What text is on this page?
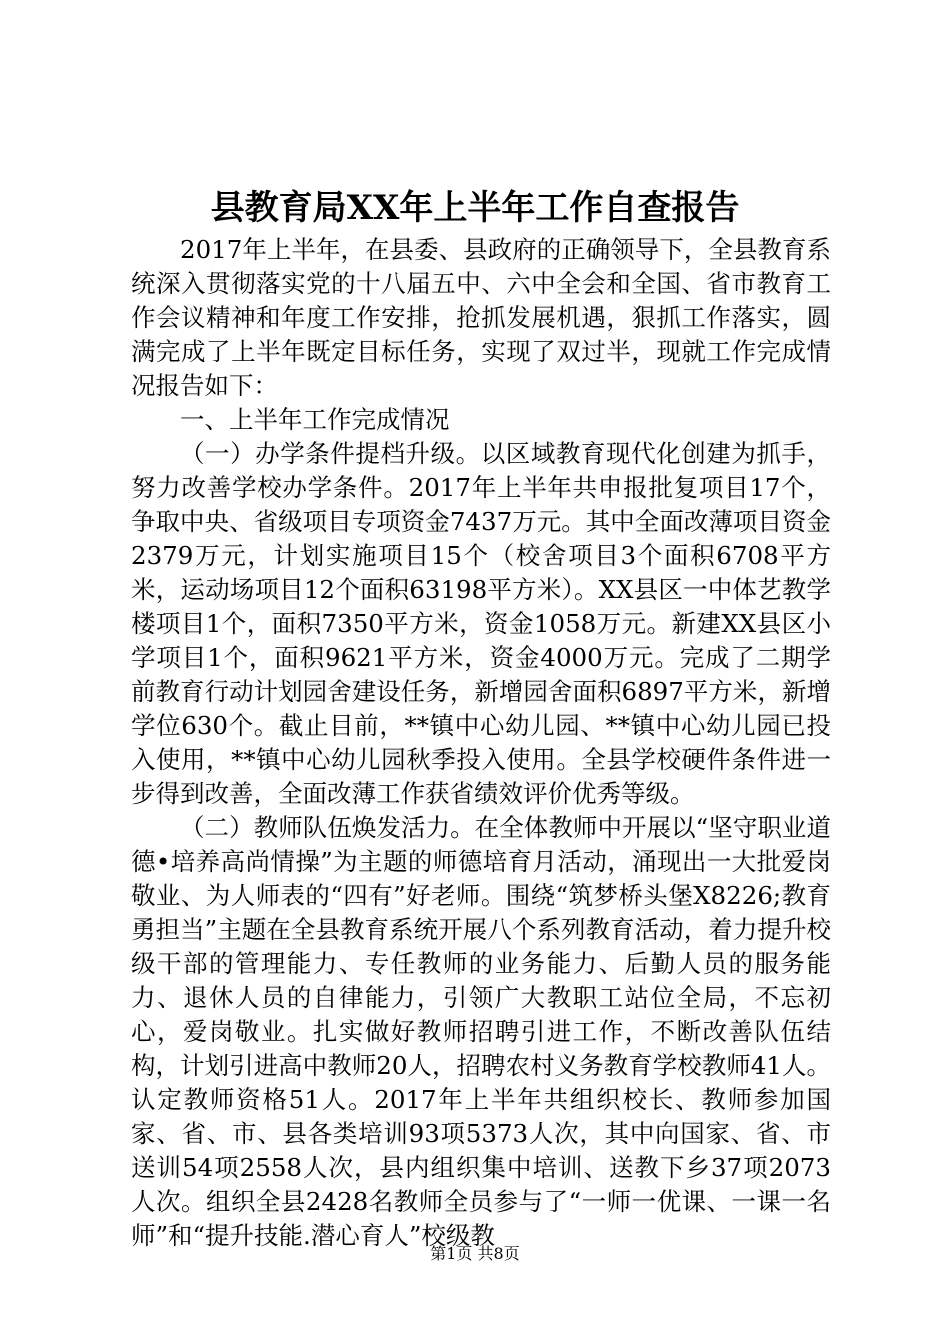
县教育局XX年上半年工作自查报告

2017年上半年，在县委、县政府的正确领导下，全县教育系统深入贯彻落实党的十八届五中、六中全会和全国、省市教育工作会议精神和年度工作安排，抢抓发展机遇，狠抓工作落实，圆满完成了上半年既定目标任务，实现了双过半，现就工作完成情况报告如下：

一、上半年工作完成情况

（一）办学条件提档升级。以区域教育现代化创建为抓手，努力改善学校办学条件。2017年上半年共申报批复项目17个，争取中央、省级项目专项资金7437万元。其中全面改薄项目资金2379万元，计划实施项目15个（校舍项目3个面积6708平方米，运动场项目12个面积63198平方米）。XX县区一中体艺教学楼项目1个，面积7350平方米，资金1058万元。新建XX县区小学项目1个，面积9621平方米，资金4000万元。完成了二期学前教育行动计划园舍建设任务，新增园舍面积6897平方米，新增学位630个。截止目前，**镇中心幼儿园、**镇中心幼儿园已投入使用，**镇中心幼儿园秋季投入使用。全县学校硬件条件进一步得到改善，全面改薄工作获省绩效评价优秀等级。

（二）教师队伍焕发活力。在全体教师中开展以“坚守职业道德•培养高尚情操”为主题的师德培育月活动，涌现出一大批爱岗敬业、为人师表的“四有”好老师。围绕“筑梦桥头堡X8226;教育勇担当”主题在全县教育系统开展八个系列教育活动，着力提升校级干部的管理能力、专任教师的业务能力、后勤人员的服务能力、退休人员的自律能力，引领广大教职工站位全局，不忘初心，爱岗敬业。扎实做好教师招聘引进工作，不断改善队伍结构，计划引进高中教师20人，招聘农村义务教育学校教师41人。认定教师资格51人。2017年上半年共组织校长、教师参加国家、省、市、县各类培训93项5373人次，其中向国家、省、市送训54项2558人次，县内组织集中培训、送教下乡37项2073人次。组织全县2428名教师全员参与了“一师一优课、一课一名师”和“提升技能.潜心育人”校级教

第1页 共8页
